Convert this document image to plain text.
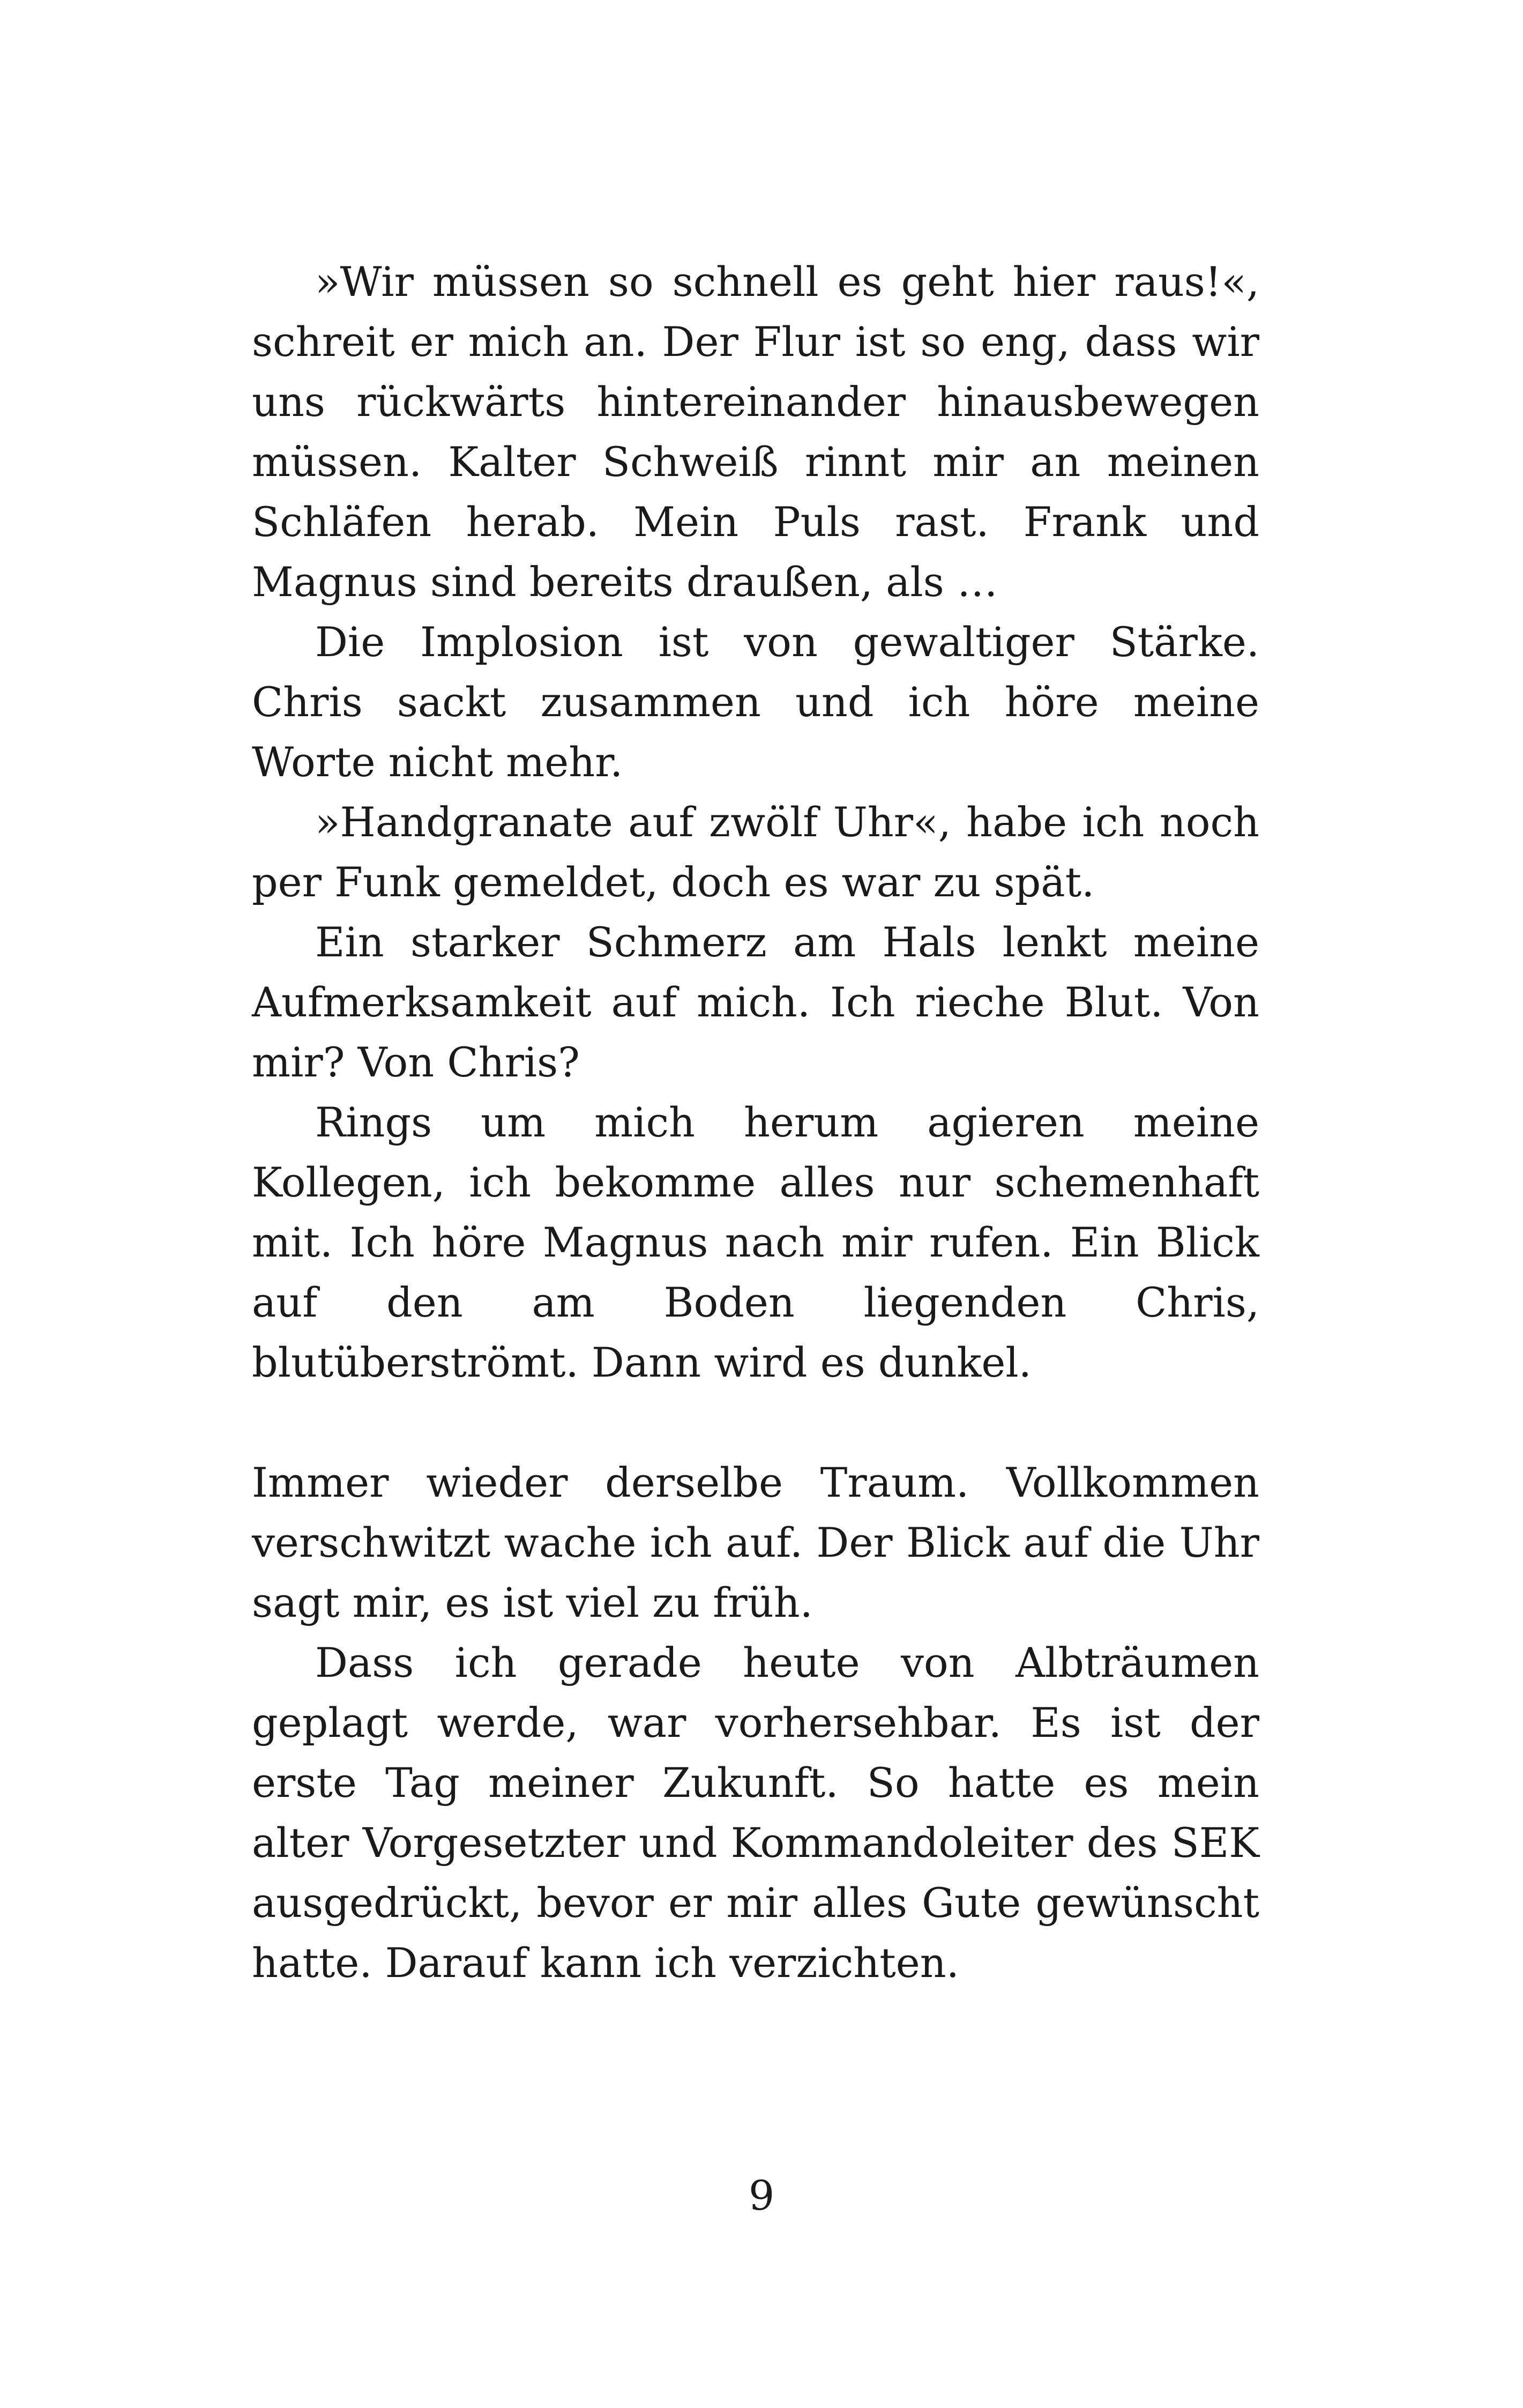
»Wir müssen so schnell es geht hier raus!«, schreit er mich an. Der Flur ist so eng, dass wir uns rückwärts hintereinander hinausbewegen müssen. Kalter Schweiß rinnt mir an meinen Schläfen herab. Mein Puls rast. Frank und Magnus sind bereits draußen, als …

Die Implosion ist von gewaltiger Stärke. Chris sackt zusammen und ich höre meine Worte nicht mehr.

»Handgranate auf zwölf Uhr«, habe ich noch per Funk gemeldet, doch es war zu spät.

Ein starker Schmerz am Hals lenkt meine Aufmerksamkeit auf mich. Ich rieche Blut. Von mir? Von Chris?

Rings um mich herum agieren meine Kollegen, ich bekomme alles nur schemenhaft mit. Ich höre Magnus nach mir rufen. Ein Blick auf den am Boden liegenden Chris, blutüberströmt. Dann wird es dunkel.

Immer wieder derselbe Traum. Vollkommen verschwitzt wache ich auf. Der Blick auf die Uhr sagt mir, es ist viel zu früh.

Dass ich gerade heute von Albträumen geplagt werde, war vorhersehbar. Es ist der erste Tag meiner Zukunft. So hatte es mein alter Vorgesetzter und Kommandoleiter des SEK ausgedrückt, bevor er mir alles Gute gewünscht hatte. Darauf kann ich verzichten.

9
